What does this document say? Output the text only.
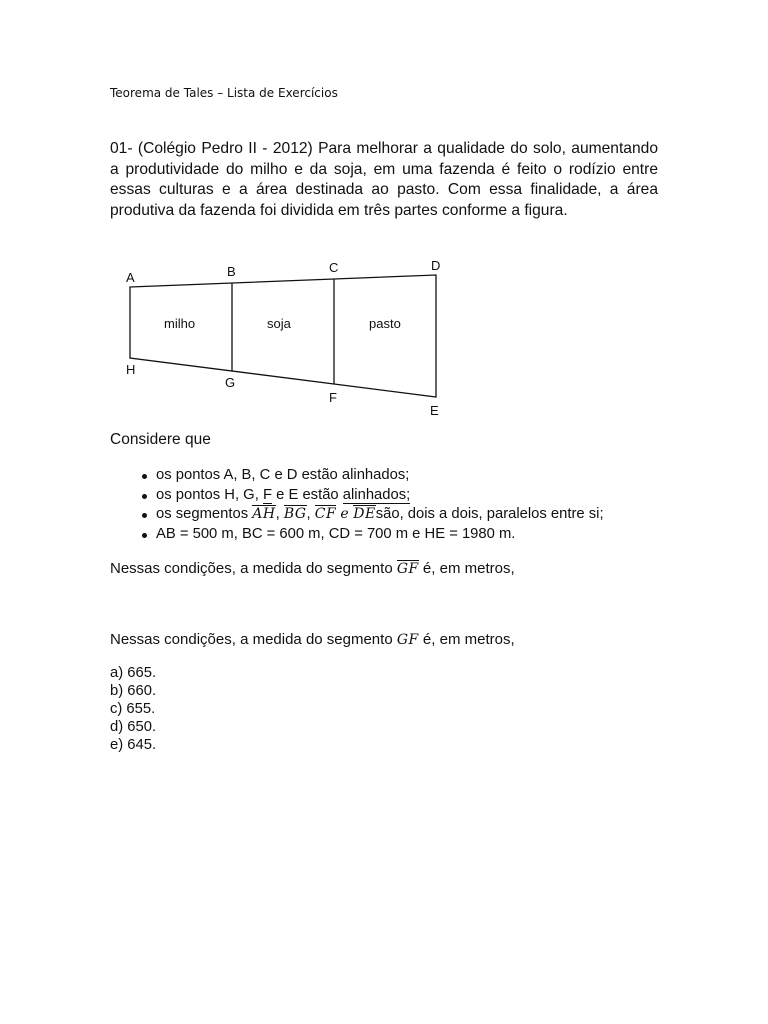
Teorema de Tales – Lista de Exercícios
01- (Colégio Pedro II - 2012) Para melhorar a qualidade do solo, aumentando a produtividade do milho e da soja, em uma fazenda é feito o rodízio entre essas culturas e a área destinada ao pasto. Com essa finalidade, a área produtiva da fazenda foi dividida em três partes conforme a figura.
A	B	C	D
H
G
F
E
milho	soja	pasto
Considere que
os pontos A, B, C e D estão alinhados;
os pontos H, G, F e E estão alinhados;
os segmentos AH, BG, CF e DEsão, dois a dois, paralelos entre si;
AB = 500 m, BC = 600 m, CD = 700 m e HE = 1980 m.
Nessas condições, a medida do segmento GF é, em metros,
Nessas condições, a medida do segmento GF é, em metros,
a) 665.
b) 660.
c) 655.
d) 650.
e) 645.
